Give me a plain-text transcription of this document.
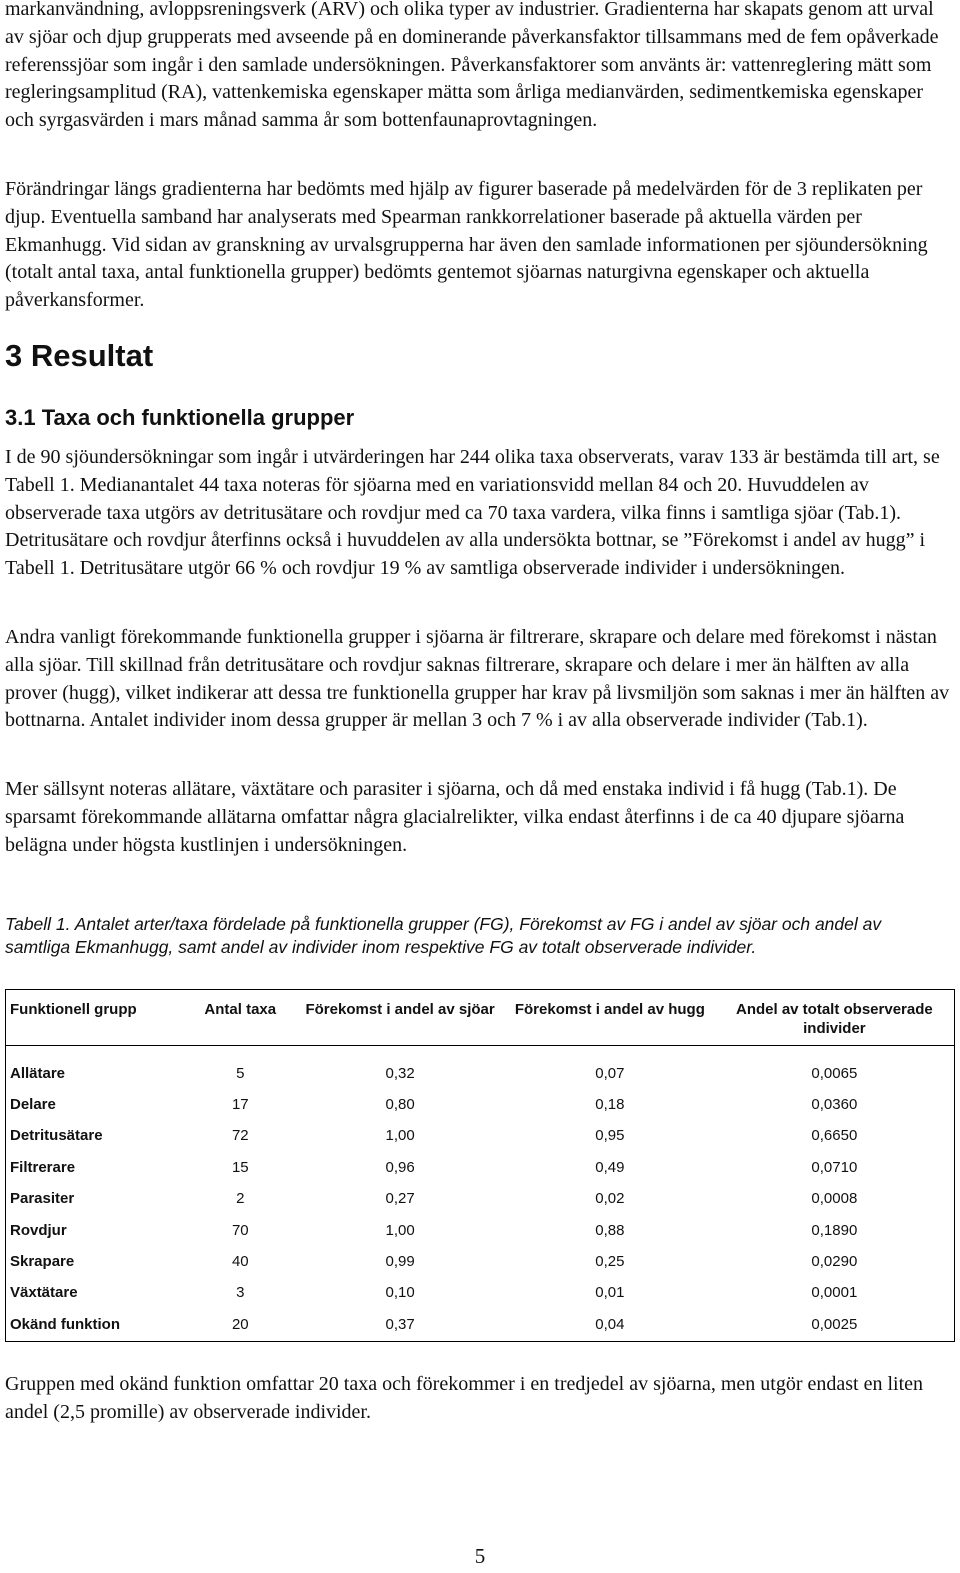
markanvändning, avloppsreningsverk (ARV) och olika typer av industrier. Gradienterna har skapats genom att urval av sjöar och djup grupperats med avseende på en dominerande påverkansfaktor tillsammans med de fem opåverkade referenssjöar som ingår i den samlade undersökningen. Påverkansfaktorer som använts är: vattenreglering mätt som regleringsamplitud (RA), vattenkemiska egenskaper mätta som årliga medianvärden, sedimentkemiska egenskaper och syrgasvärden i mars månad samma år som bottenfaunaprovtagningen.

Förändringar längs gradienterna har bedömts med hjälp av figurer baserade på medelvärden för de 3 replikaten per djup. Eventuella samband har analyserats med Spearman rankkorrelationer baserade på aktuella värden per Ekmanhugg. Vid sidan av granskning av urvalsgrupperna har även den samlade informationen per sjöundersökning (totalt antal taxa, antal funktionella grupper) bedömts gentemot sjöarnas naturgivna egenskaper och aktuella påverkansformer.

3 Resultat
3.1 Taxa och funktionella grupper

I de 90 sjöundersökningar som ingår i utvärderingen har 244 olika taxa observerats, varav 133 är bestämda till art, se Tabell 1. Medianantalet 44 taxa noteras för sjöarna med en variationsvidd mellan 84 och 20. Huvuddelen av observerade taxa utgörs av detritusätare och rovdjur med ca 70 taxa vardera, vilka finns i samtliga sjöar (Tab.1). Detritusätare och rovdjur återfinns också i huvuddelen av alla undersökta bottnar, se ”Förekomst i andel av hugg” i Tabell 1. Detritusätare utgör 66 % och rovdjur 19 % av samtliga observerade individer i undersökningen.

Andra vanligt förekommande funktionella grupper i sjöarna är filtrerare, skrapare och delare med förekomst i nästan alla sjöar. Till skillnad från detritusätare och rovdjur saknas filtrerare, skrapare och delare i mer än hälften av alla prover (hugg), vilket indikerar att dessa tre funktionella grupper har krav på livsmiljön som saknas i mer än hälften av bottnarna. Antalet individer inom dessa grupper är mellan 3 och 7 % i av alla observerade individer (Tab.1).

Mer sällsynt noteras allätare, växtätare och parasiter i sjöarna, och då med enstaka individ i få hugg (Tab.1). De sparsamt förekommande allätarna omfattar några glacialrelikter, vilka endast återfinns i de ca 40 djupare sjöarna belägna under högsta kustlinjen i undersökningen.

Tabell 1. Antalet arter/taxa fördelade på funktionella grupper (FG), Förekomst av FG i andel av sjöar och andel av samtliga Ekmanhugg, samt andel av individer inom respektive FG av totalt observerade individer.

Funktionell grupp	Antal taxa	Förekomst i andel av sjöar	Förekomst i andel av hugg	Andel av totalt observerade individer
Allätare	5	0,32	0,07	0,0065
Delare	17	0,80	0,18	0,0360
Detritusätare	72	1,00	0,95	0,6650
Filtrerare	15	0,96	0,49	0,0710
Parasiter	2	0,27	0,02	0,0008
Rovdjur	70	1,00	0,88	0,1890
Skrapare	40	0,99	0,25	0,0290
Växtätare	3	0,10	0,01	0,0001
Okänd funktion	20	0,37	0,04	0,0025

Gruppen med okänd funktion omfattar 20 taxa och förekommer i en tredjedel av sjöarna, men utgör endast en liten andel (2,5 promille) av observerade individer.

5
